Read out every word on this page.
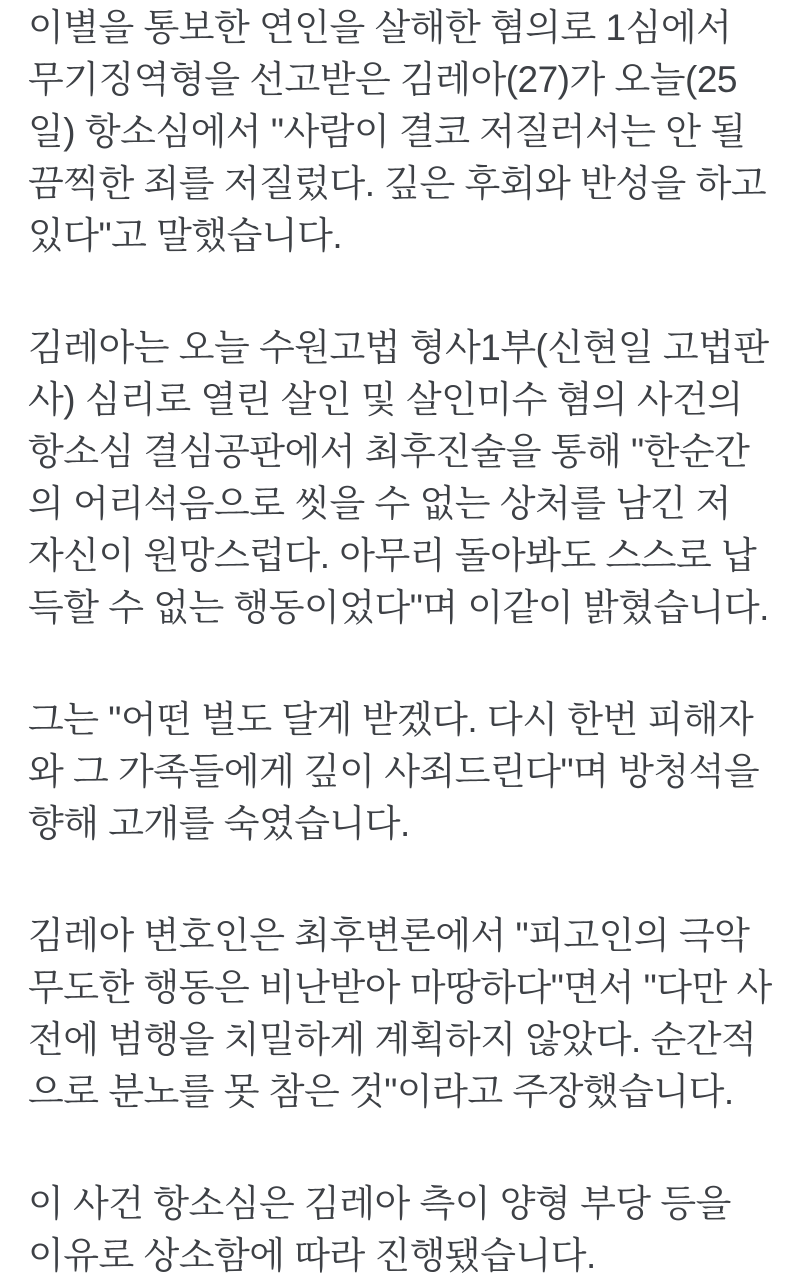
이별을 통보한 연인을 살해한 혐의로 1심에서 무기징역형을 선고받은 김레아(27)가 오늘(25일) 항소심에서 "사람이 결코 저질러서는 안 될 끔찍한 죄를 저질렀다. 깊은 후회와 반성을 하고 있다"고 말했습니다.

김레아는 오늘 수원고법 형사1부(신현일 고법판사) 심리로 열린 살인 및 살인미수 혐의 사건의 항소심 결심공판에서 최후진술을 통해 "한순간의 어리석음으로 씻을 수 없는 상처를 남긴 저 자신이 원망스럽다. 아무리 돌아봐도 스스로 납득할 수 없는 행동이었다"며 이같이 밝혔습니다.

그는 "어떤 벌도 달게 받겠다. 다시 한번 피해자와 그 가족들에게 깊이 사죄드린다"며 방청석을 향해 고개를 숙였습니다.

김레아 변호인은 최후변론에서 "피고인의 극악무도한 행동은 비난받아 마땅하다"면서 "다만 사전에 범행을 치밀하게 계획하지 않았다. 순간적으로 분노를 못 참은 것"이라고 주장했습니다.

이 사건 항소심은 김레아 측이 양형 부당 등을 이유로 상소함에 따라 진행됐습니다.
